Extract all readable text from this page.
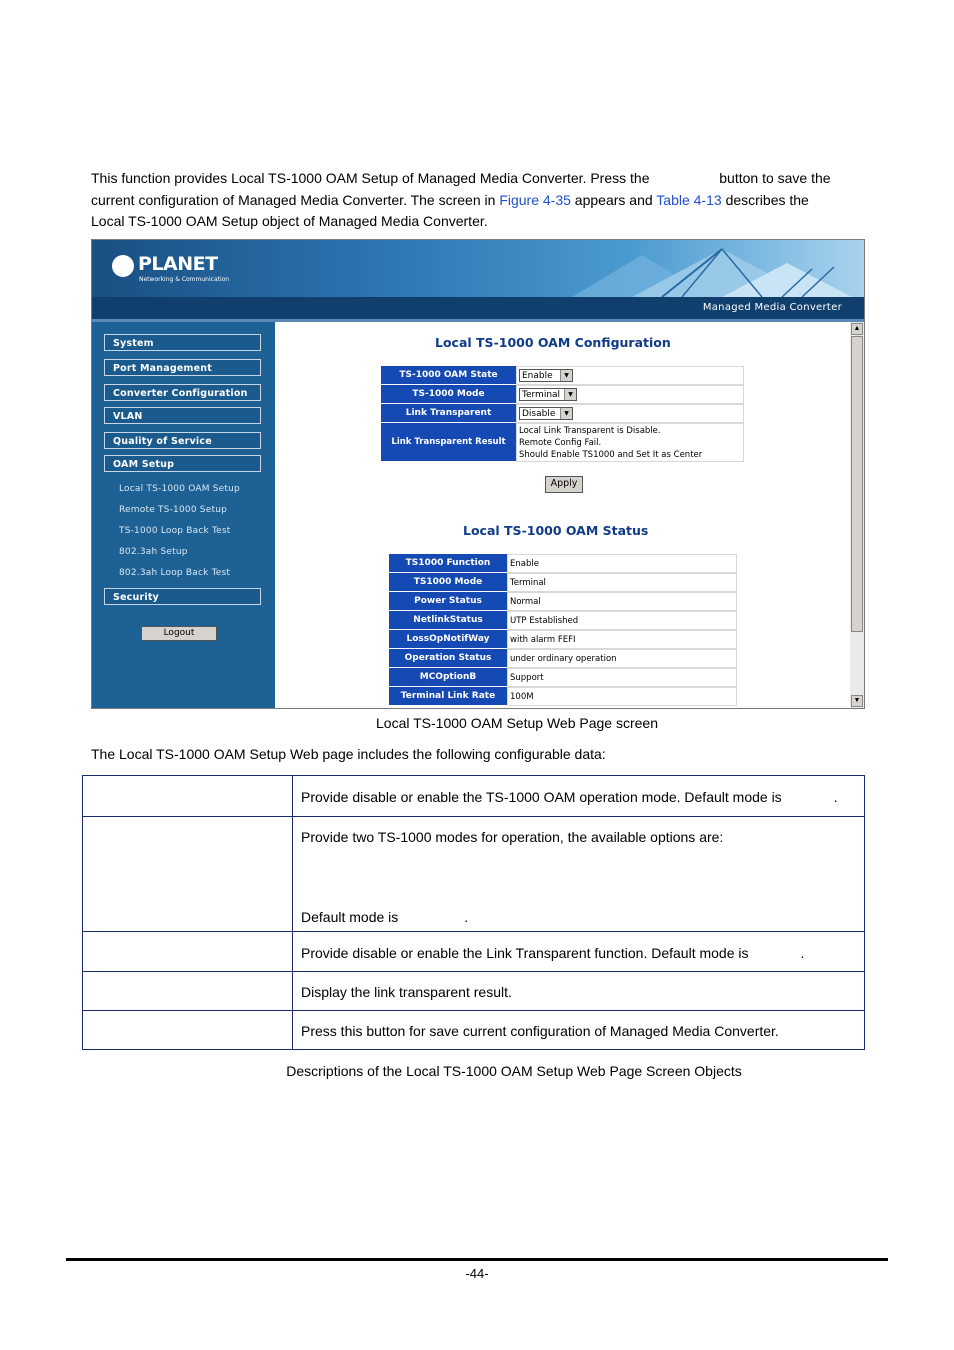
This function provides Local TS-1000 OAM Setup of Managed Media Converter. Press the	button to save the
current configuration of Managed Media Converter. The screen in Figure 4-35 appears and Table 4-13 describes the
Local TS-1000 OAM Setup object of Managed Media Converter.
PLANET
Networking & Communication
Managed Media Converter
System
Port Management
Converter Configuration
VLAN
Quality of Service
OAM Setup
Local TS-1000 OAM Setup
Remote TS-1000 Setup
TS-1000 Loop Back Test
802.3ah Setup
802.3ah Loop Back Test
Security
Logout
Local TS-1000 OAM Configuration
TS-1000 OAM State	Enable	▼
TS-1000 Mode	Terminal	▼
Link Transparent	Disable	▼
Link Transparent Result
Local Link Transparent is Disable.
Remote Config Fail.
Should Enable TS1000 and Set It as Center
Apply
Local TS-1000 OAM Status
TS1000 Function	Enable
TS1000 Mode	Terminal
Power Status	Normal
NetlinkStatus	UTP Established
LossOpNotifWay	with alarm FEFI
Operation Status	under ordinary operation
MCOptionB	Support
Terminal Link Rate	100M
▲
▼
Local TS-1000 OAM Setup Web Page screen
The Local TS-1000 OAM Setup Web page includes the following configurable data:
	Provide disable or enable the TS-1000 OAM operation mode. Default mode is .

	Provide two TS-1000 modes for operation, the available options are:
Default mode is .

	Provide disable or enable the Link Transparent function. Default mode is .
	Display the link transparent result.
	Press this button for save current configuration of Managed Media Converter.
Descriptions of the Local TS-1000 OAM Setup Web Page Screen Objects
-44-
